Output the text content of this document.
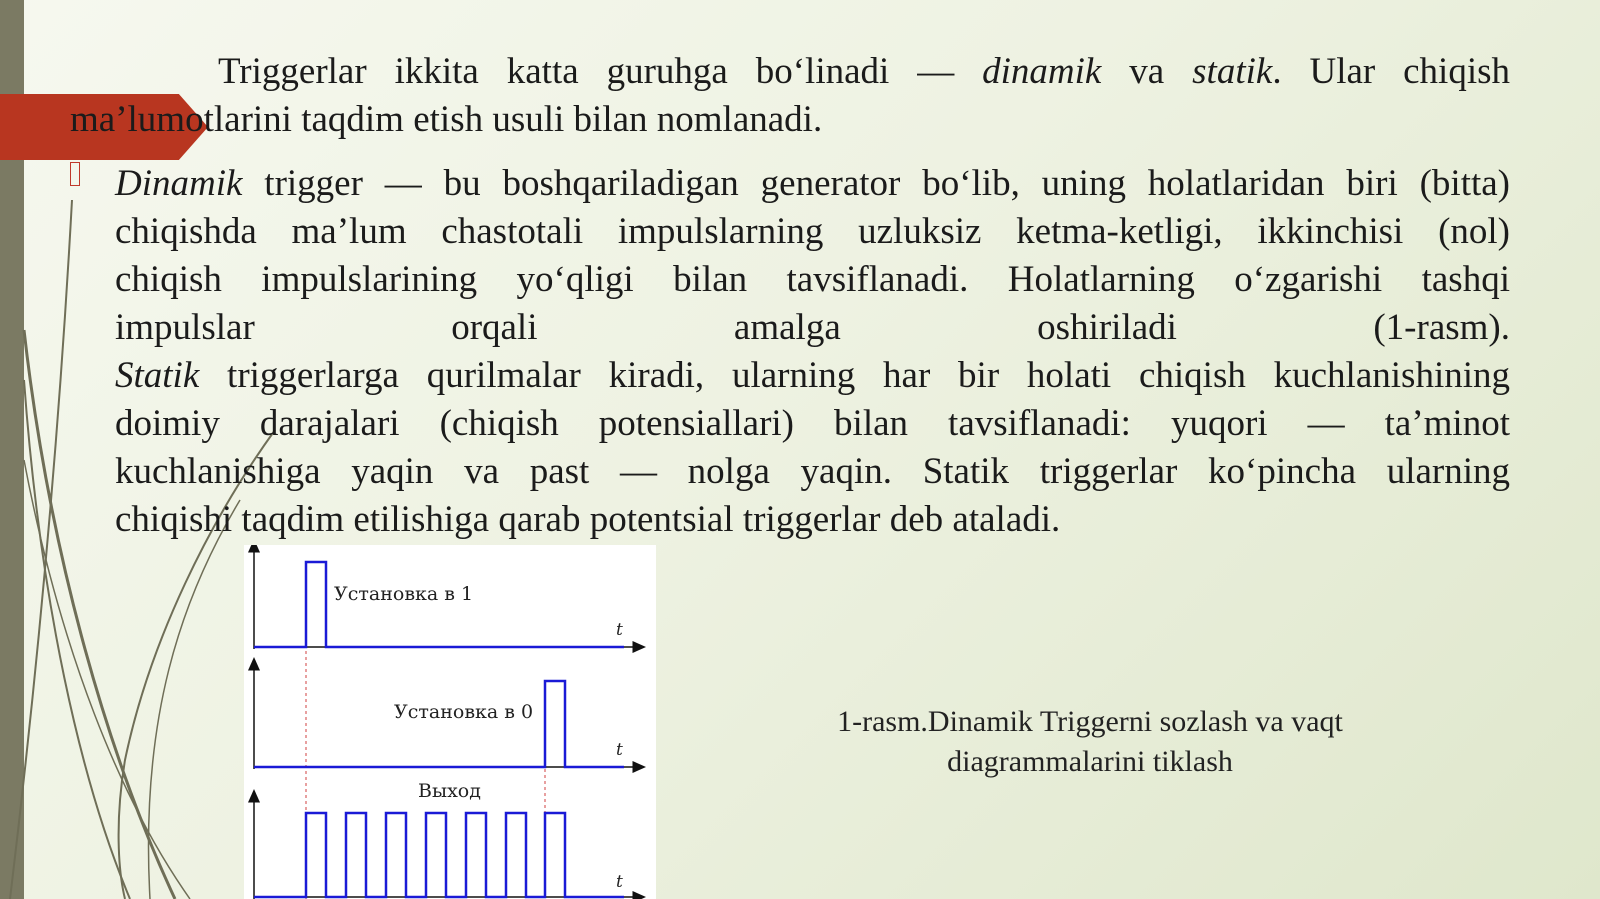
Triggerlar ikkita katta guruhga bo‘linadi — dinamik va statik. Ular chiqish ma’lumotlarini taqdim etish usuli bilan nomlanadi.
Dinamik trigger — bu boshqariladigan generator bo‘lib, uning holatlaridan biri (bitta)
chiqishda ma’lum chastotali impulslarning uzluksiz ketma-ketligi, ikkinchisi (nol)
chiqish impulslarining yo‘qligi bilan tavsiflanadi. Holatlarning o‘zgarishi tashqi
impulslar orqali amalga oshiriladi (1-rasm).
Statik triggerlarga qurilmalar kiradi, ularning har bir holati chiqish kuchlanishining
doimiy darajalari (chiqish potensiallari) bilan tavsiflanadi: yuqori — ta’minot
kuchlanishiga yaqin va past — nolga yaqin. Statik triggerlar ko‘pincha ularning
chiqishi taqdim etilishiga qarab potentsial triggerlar deb ataladi.
Установка в 1
Установка в 0
Выход
t
t
t
1-rasm.Dinamik Triggerni sozlash va vaqt
diagrammalarini tiklash
